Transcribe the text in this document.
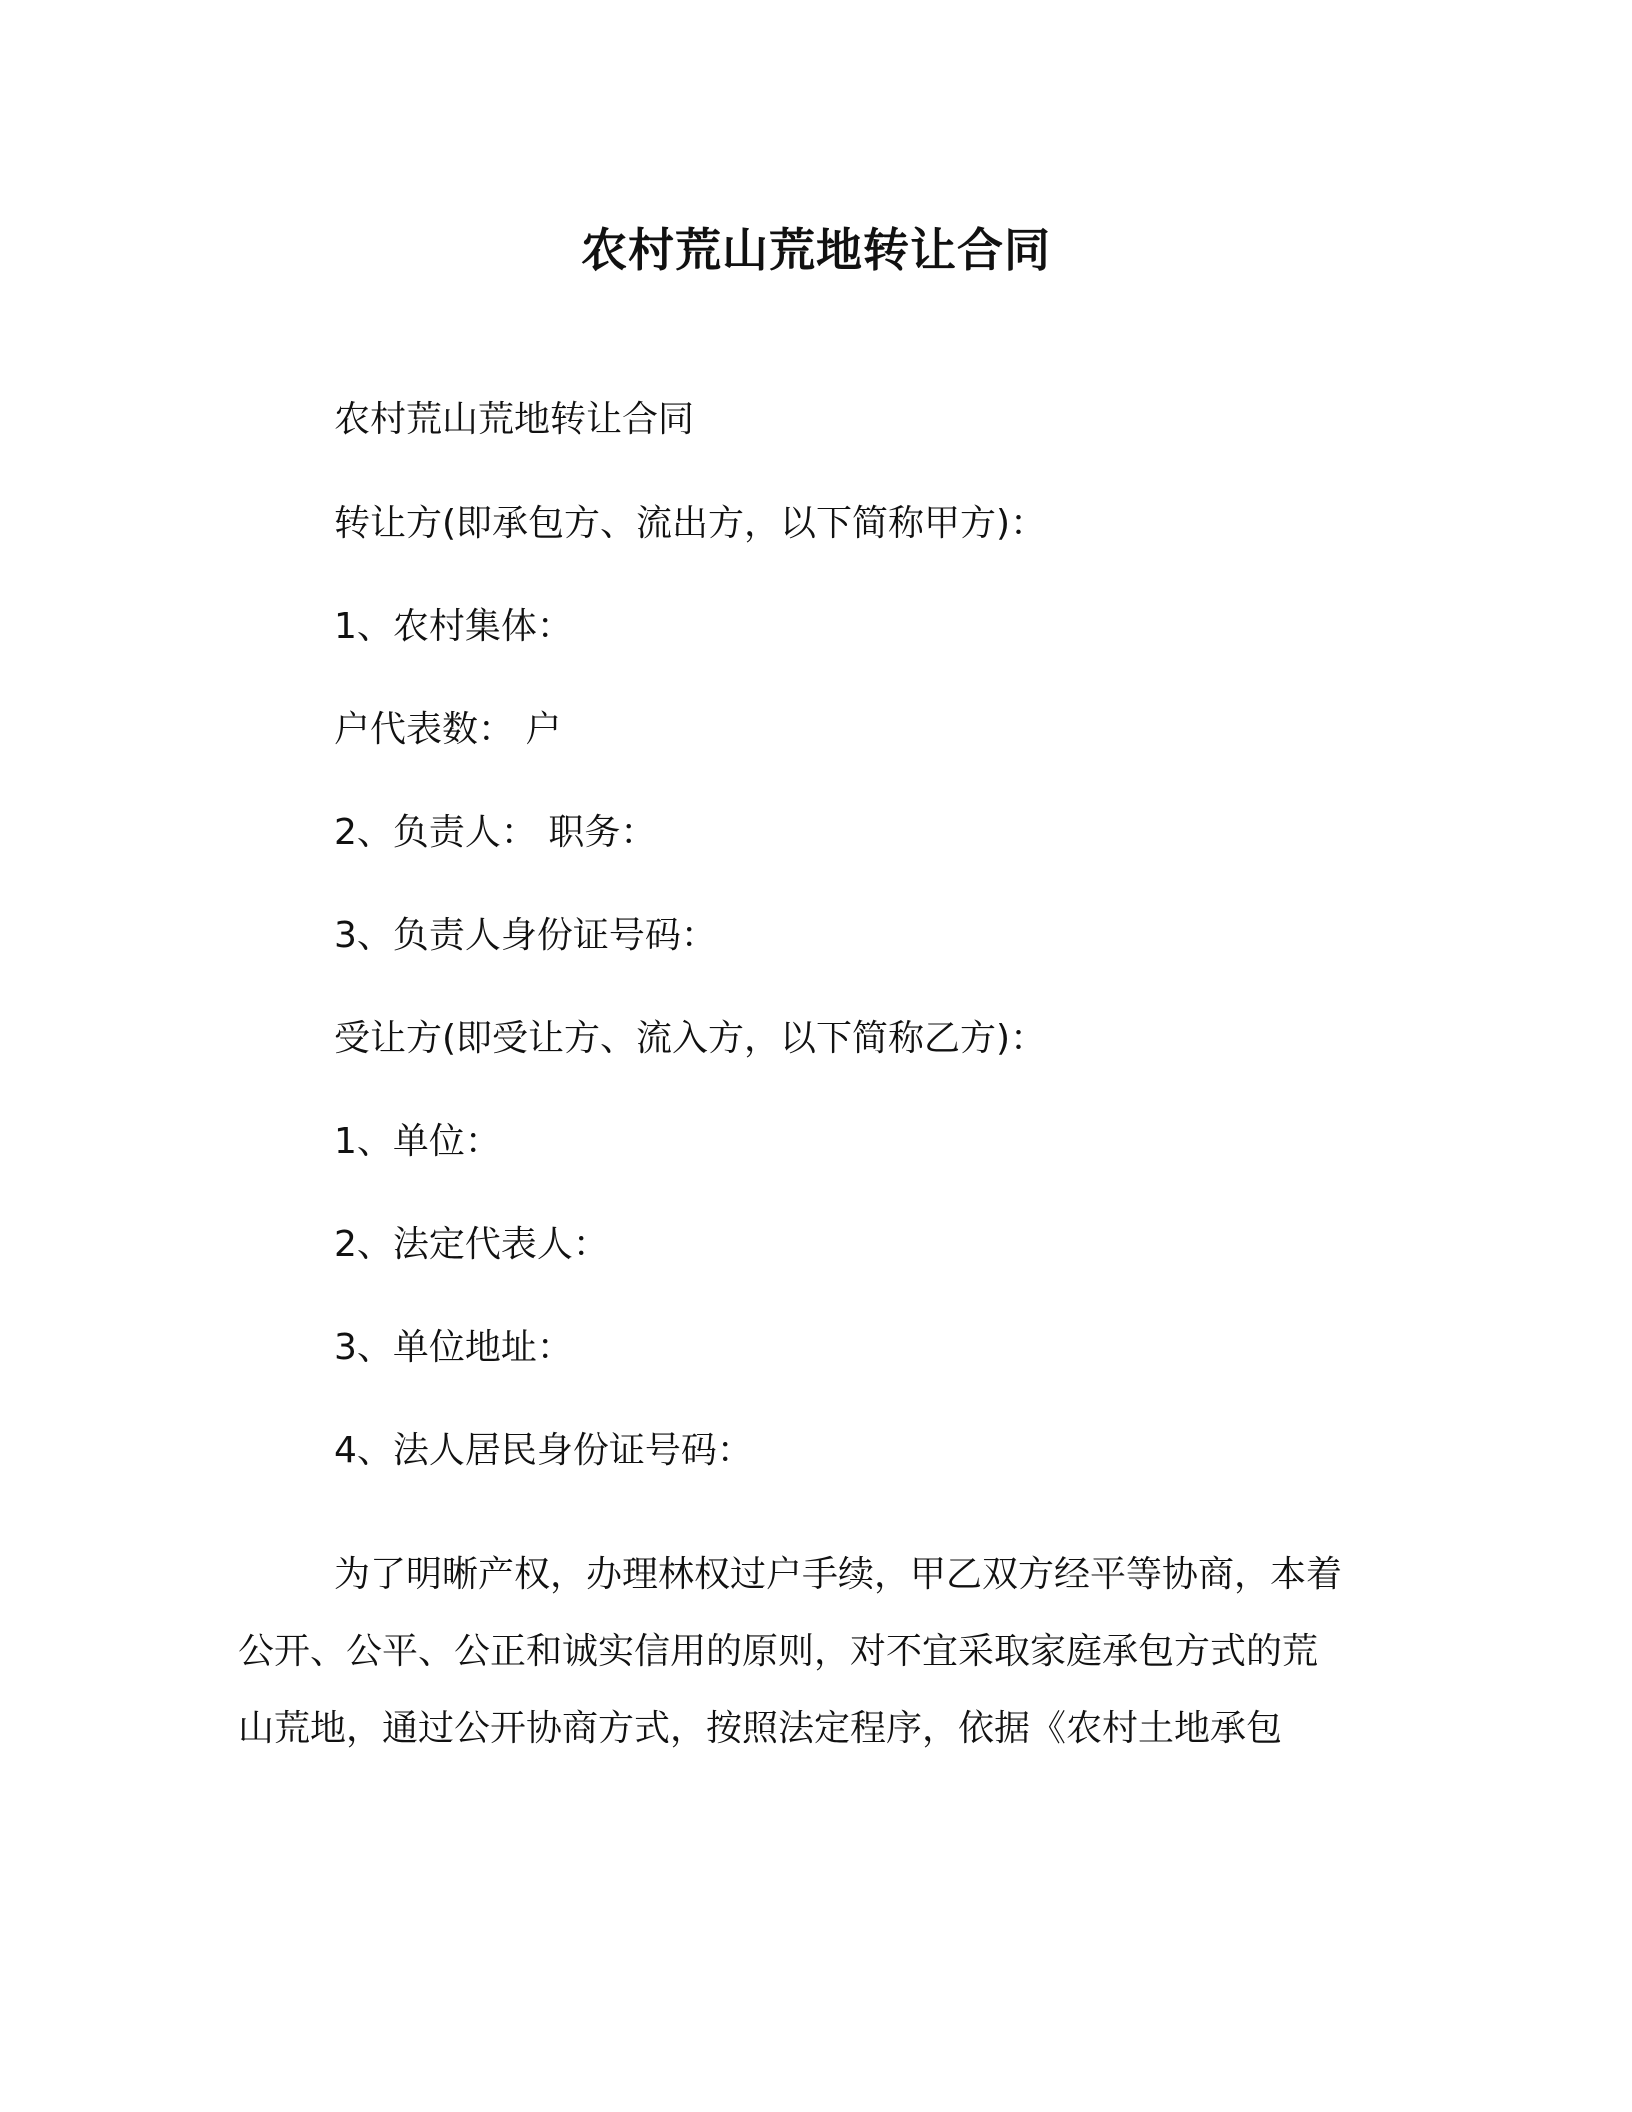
农村荒山荒地转让合同
农村荒山荒地转让合同
转让方(即承包方、流出方，以下简称甲方)：
1、农村集体：
户代表数： 户
2、负责人： 职务：
3、负责人身份证号码：
受让方(即受让方、流入方，以下简称乙方)：
1、单位：
2、法定代表人：
3、单位地址：
4、法人居民身份证号码：
为了明晰产权，办理林权过户手续，甲乙双方经平等协商，本着
公开、公平、公正和诚实信用的原则，对不宜采取家庭承包方式的荒
山荒地，通过公开协商方式，按照法定程序，依据《农村土地承包
